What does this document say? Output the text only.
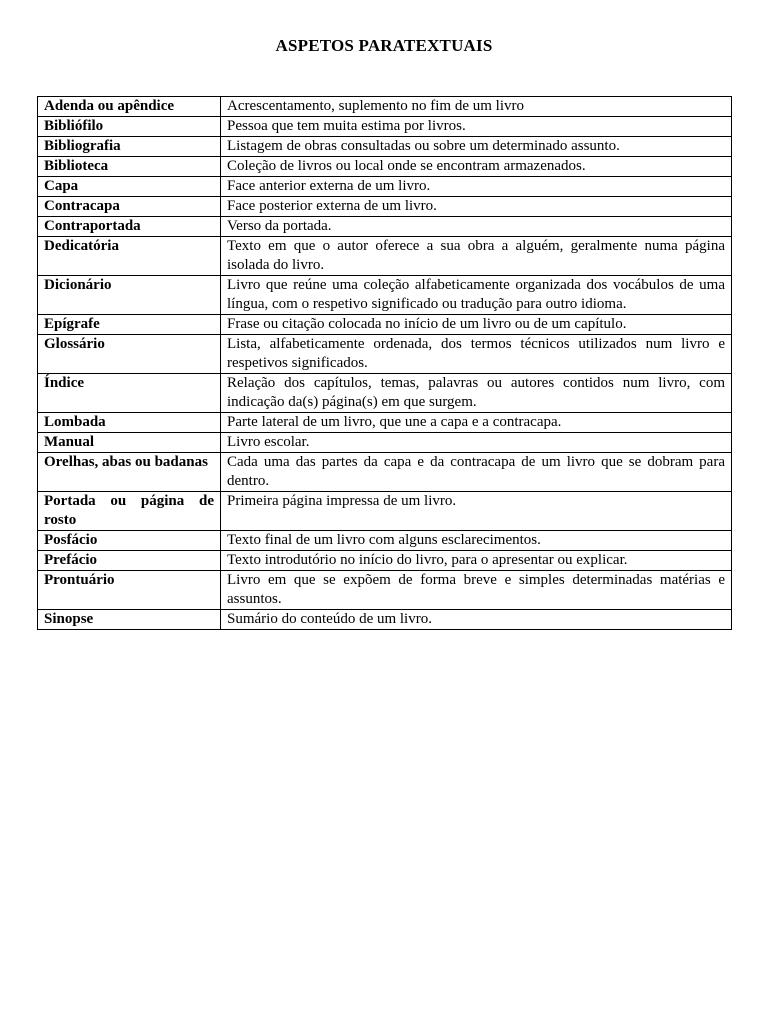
ASPETOS PARATEXTUAIS
Adenda ou apêndice	Acrescentamento, suplemento no fim de um livro
Bibliófilo	Pessoa que tem muita estima por livros.
Bibliografia	Listagem de obras consultadas ou sobre um determinado assunto.
Biblioteca	Coleção de livros ou local onde se encontram armazenados.
Capa	Face anterior externa de um livro.
Contracapa	Face posterior externa de um livro.
Contraportada	Verso da portada.
Dedicatória	Texto em que o autor oferece a sua obra a alguém, geralmente numa página isolada do livro.
Dicionário	Livro que reúne uma coleção alfabeticamente organizada dos vocábulos de uma língua, com o respetivo significado ou tradução para outro idioma.
Epígrafe	Frase ou citação colocada no início de um livro ou de um capítulo.
Glossário	Lista, alfabeticamente ordenada, dos termos técnicos utilizados num livro e respetivos significados.
Índice	Relação dos capítulos, temas, palavras ou autores contidos num livro, com indicação da(s) página(s) em que surgem.
Lombada	Parte lateral de um livro, que une a capa e a contracapa.
Manual	Livro escolar.
Orelhas, abas ou badanas	Cada uma das partes da capa e da contracapa de um livro que se dobram para dentro.
Portada ou página de rosto	Primeira página impressa de um livro.
Posfácio	Texto final de um livro com alguns esclarecimentos.
Prefácio	Texto introdutório no início do livro, para o apresentar ou explicar.
Prontuário	Livro em que se expõem de forma breve e simples determinadas matérias e assuntos.
Sinopse	Sumário do conteúdo de um livro.
